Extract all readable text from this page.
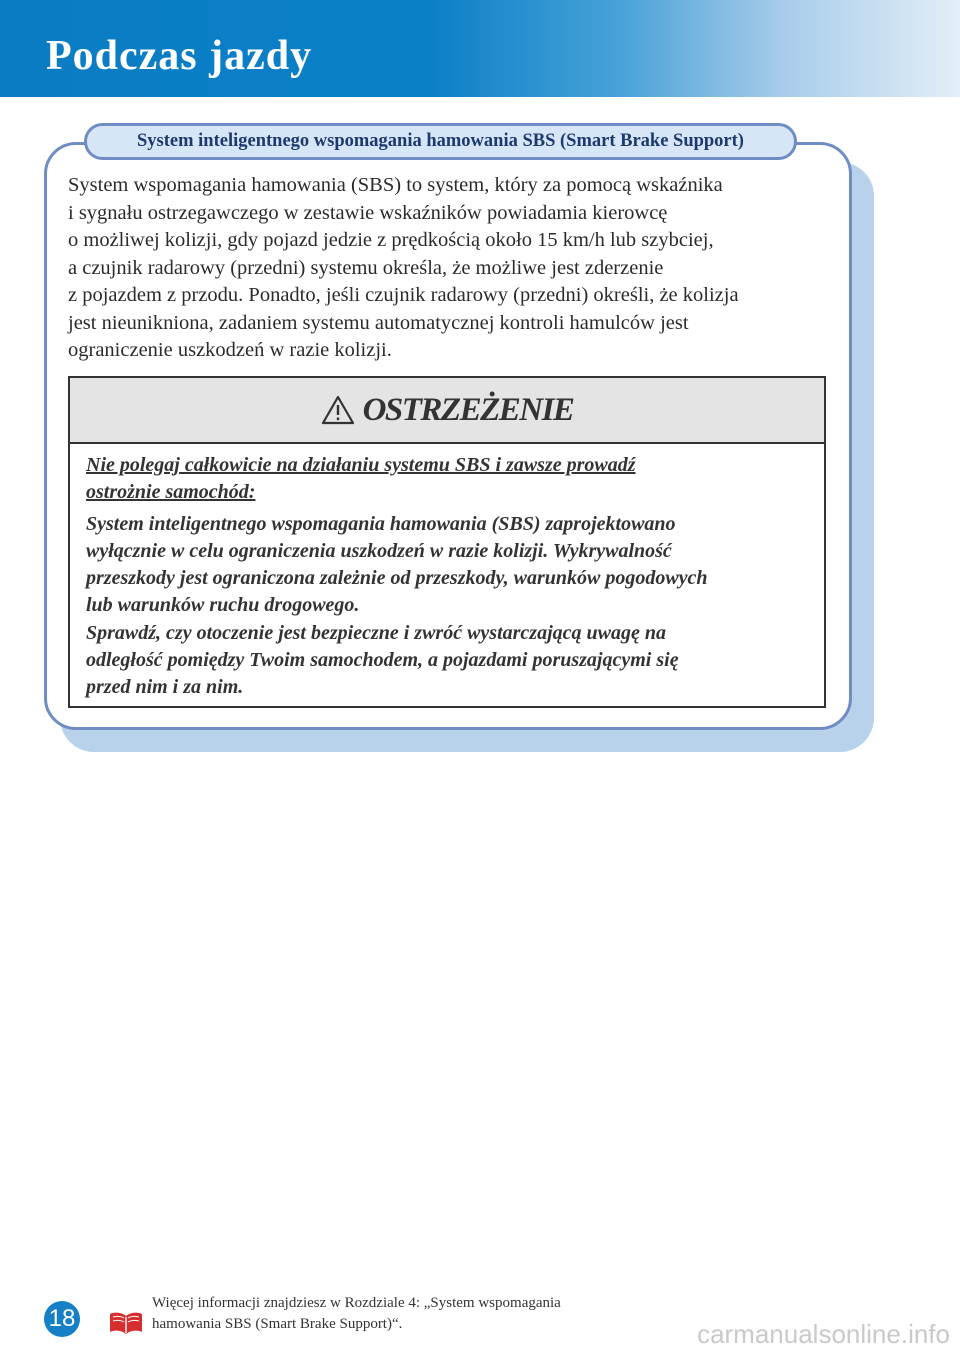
Podczas jazdy
System inteligentnego wspomagania hamowania SBS (Smart Brake Support)
System wspomagania hamowania (SBS) to system, który za pomocą wskaźnika
i sygnału ostrzegawczego w zestawie wskaźników powiadamia kierowcę
o możliwej kolizji, gdy pojazd jedzie z prędkością około 15 km/h lub szybciej,
a czujnik radarowy (przedni) systemu określa, że możliwe jest zderzenie
z pojazdem z przodu. Ponadto, jeśli czujnik radarowy (przedni) określi, że kolizja
jest nieunikniona, zadaniem systemu automatycznej kontroli hamulców jest
ograniczenie uszkodzeń w razie kolizji.
OSTRZEŻENIE
Nie polegaj całkowicie na działaniu systemu SBS i zawsze prowadź
ostrożnie samochód:
System inteligentnego wspomagania hamowania (SBS) zaprojektowano
wyłącznie w celu ograniczenia uszkodzeń w razie kolizji. Wykrywalność
przeszkody jest ograniczona zależnie od przeszkody, warunków pogodowych
lub warunków ruchu drogowego.
Sprawdź, czy otoczenie jest bezpieczne i zwróć wystarczającą uwagę na
odległość pomiędzy Twoim samochodem, a pojazdami poruszającymi się
przed nim i za nim.
18
Więcej informacji znajdziesz w Rozdziale 4: „System wspomagania
hamowania SBS (Smart Brake Support)“.	carmanualsonline.info
